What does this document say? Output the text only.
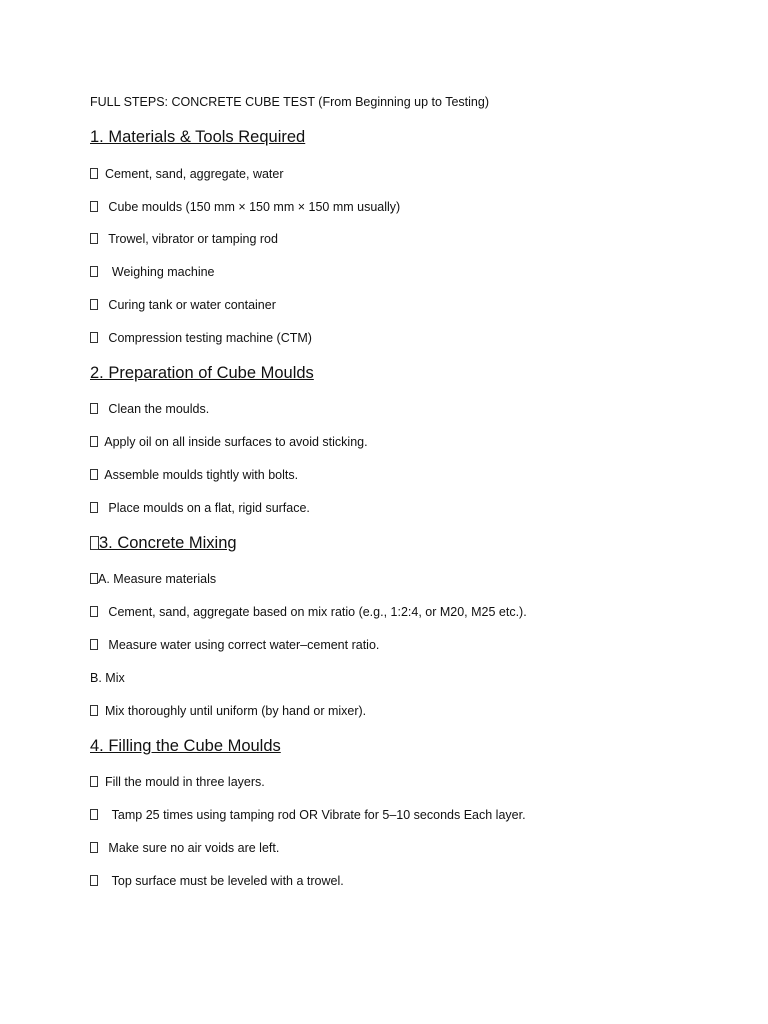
FULL STEPS: CONCRETE CUBE TEST (From Beginning up to Testing)
1. Materials & Tools Required
Cement, sand, aggregate, water
Cube moulds (150 mm × 150 mm × 150 mm usually)
Trowel, vibrator or tamping rod
Weighing machine
Curing tank or water container
Compression testing machine (CTM)
2. Preparation of Cube Moulds
Clean the moulds.
Apply oil on all inside surfaces to avoid sticking.
Assemble moulds tightly with bolts.
Place moulds on a flat, rigid surface.
3. Concrete Mixing
A. Measure materials
Cement, sand, aggregate based on mix ratio (e.g., 1:2:4, or M20, M25 etc.).
Measure water using correct water–cement ratio.
B. Mix
Mix thoroughly until uniform (by hand or mixer).
4. Filling the Cube Moulds
Fill the mould in three layers.
Tamp 25 times using tamping rod OR Vibrate for 5–10 seconds Each layer.
Make sure no air voids are left.
Top surface must be leveled with a trowel.
